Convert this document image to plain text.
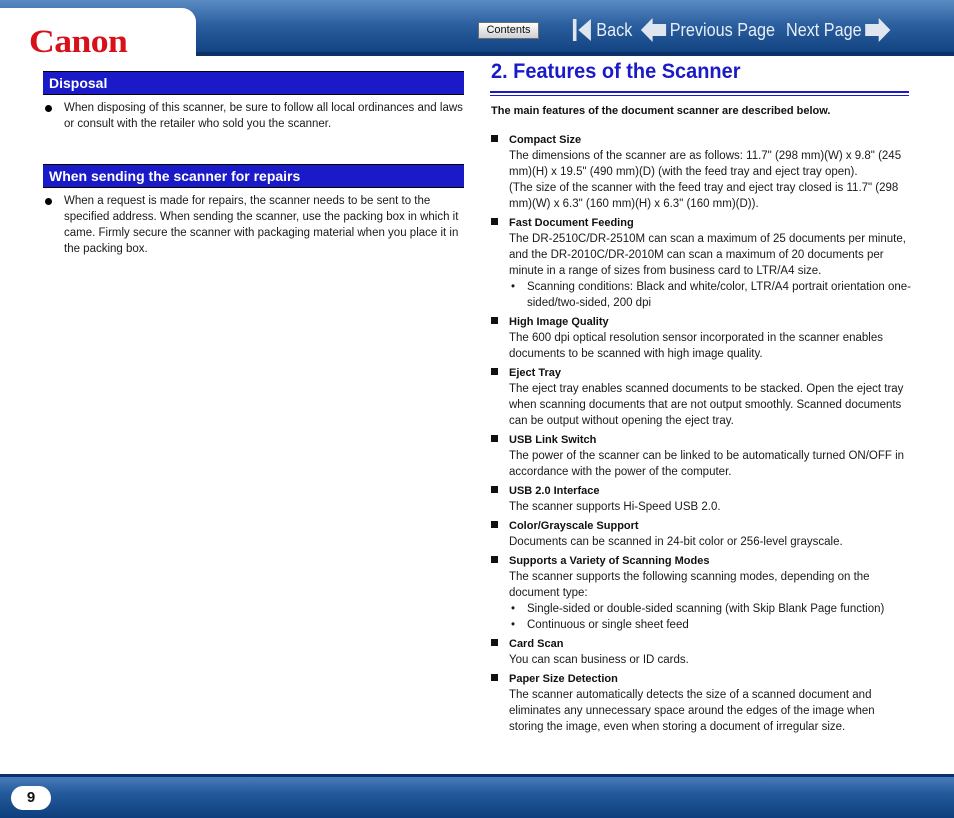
Canon	Contents	Back Previous Page Next Page
Disposal
When disposing of this scanner, be sure to follow all local ordinances and laws or consult with the retailer who sold you the scanner.
When sending the scanner for repairs
When a request is made for repairs, the scanner needs to be sent to the specified address. When sending the scanner, use the packing box in which it came. Firmly secure the scanner with packaging material when you place it in the packing box.
2. Features of the Scanner
The main features of the document scanner are described below.
Compact Size
The dimensions of the scanner are as follows: 11.7" (298 mm)(W) x 9.8" (245 mm)(H) x 19.5" (490 mm)(D) (with the feed tray and eject tray open).
(The size of the scanner with the feed tray and eject tray closed is 11.7" (298 mm)(W) x 6.3" (160 mm)(H) x 6.3" (160 mm)(D)).
Fast Document Feeding
The DR-2510C/DR-2510M can scan a maximum of 25 documents per minute, and the DR-2010C/DR-2010M can scan a maximum of 20 documents per minute in a range of sizes from business card to LTR/A4 size.
• Scanning conditions: Black and white/color, LTR/A4 portrait orientation one-sided/two-sided, 200 dpi
High Image Quality
The 600 dpi optical resolution sensor incorporated in the scanner enables documents to be scanned with high image quality.
Eject Tray
The eject tray enables scanned documents to be stacked. Open the eject tray when scanning documents that are not output smoothly. Scanned documents can be output without opening the eject tray.
USB Link Switch
The power of the scanner can be linked to be automatically turned ON/OFF in accordance with the power of the computer.
USB 2.0 Interface
The scanner supports Hi-Speed USB 2.0.
Color/Grayscale Support
Documents can be scanned in 24-bit color or 256-level grayscale.
Supports a Variety of Scanning Modes
The scanner supports the following scanning modes, depending on the document type:
• Single-sided or double-sided scanning (with Skip Blank Page function)
• Continuous or single sheet feed
Card Scan
You can scan business or ID cards.
Paper Size Detection
The scanner automatically detects the size of a scanned document and eliminates any unnecessary space around the edges of the image when storing the image, even when storing a document of irregular size.
9
